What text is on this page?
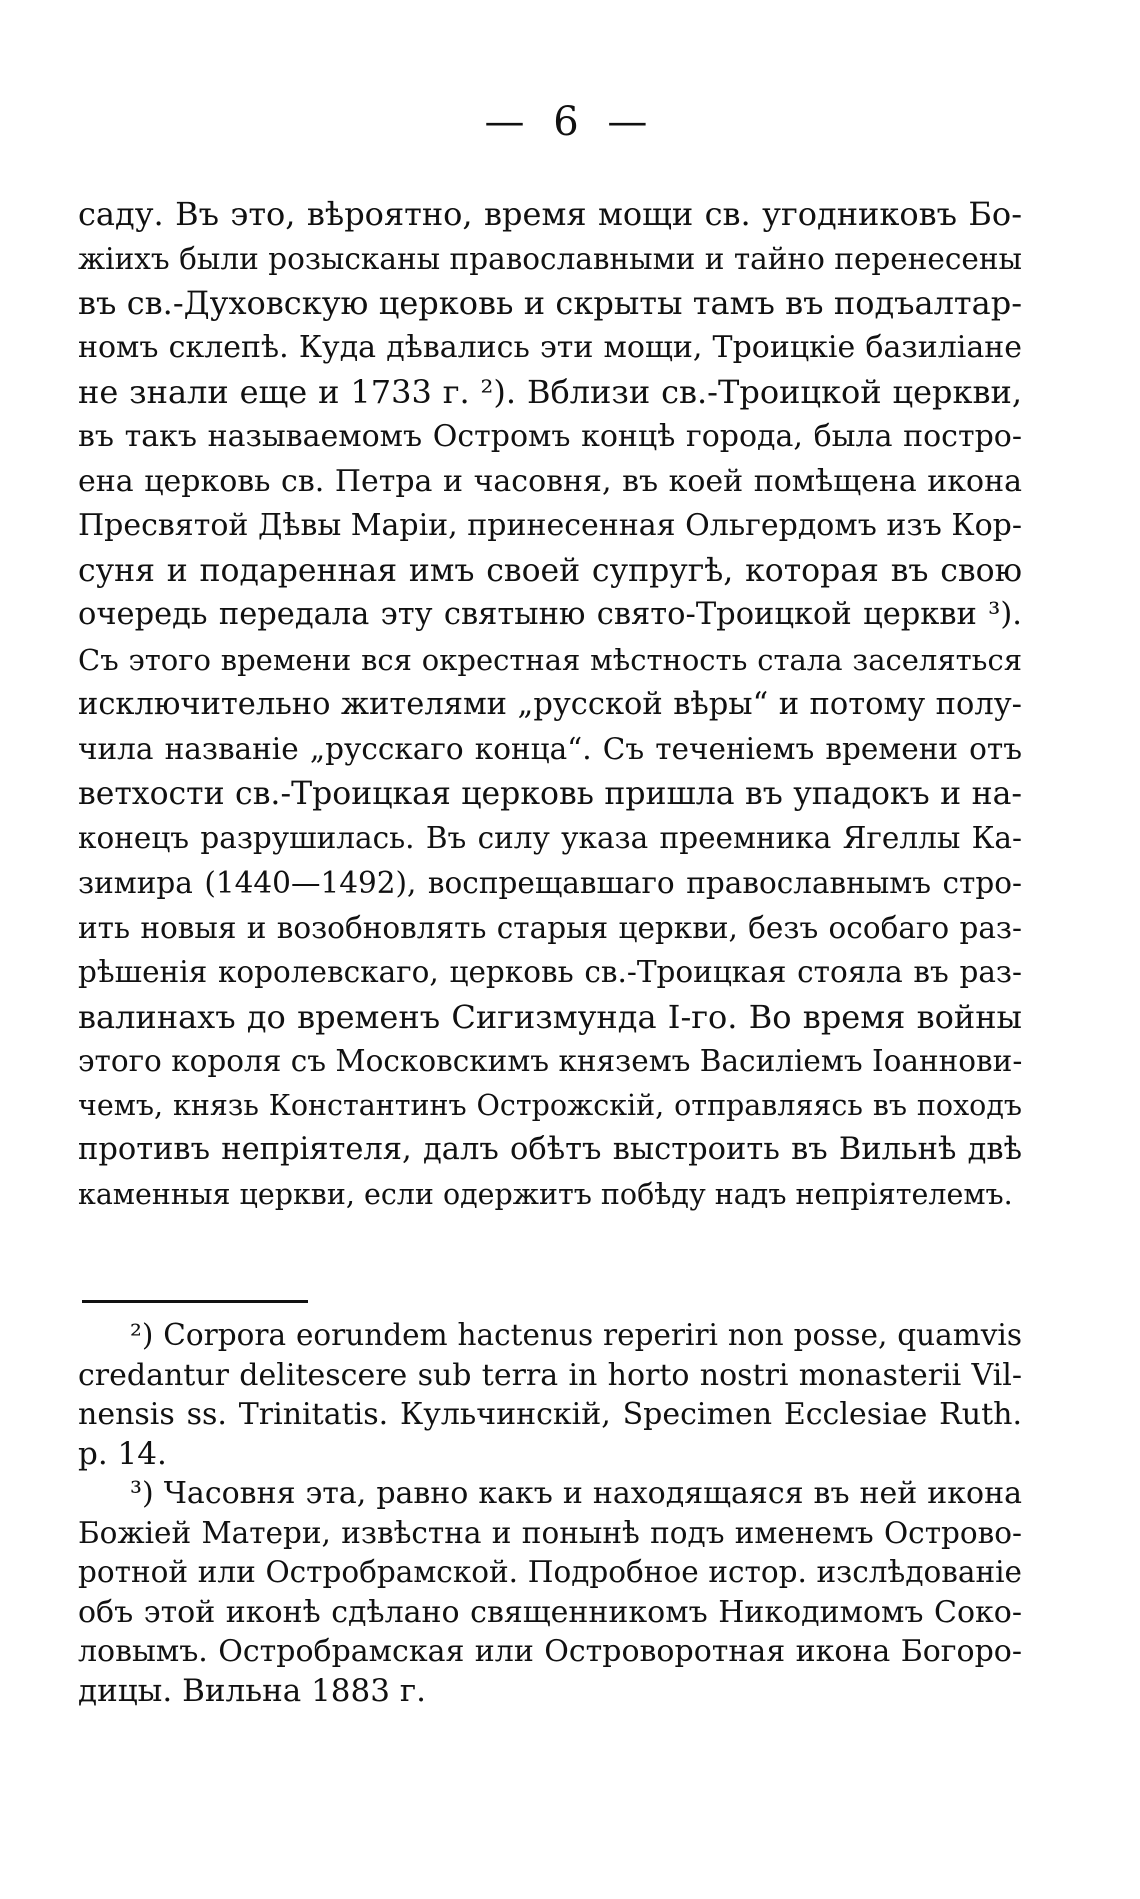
— 6 —
саду. Въ это, вѣроятно, время мощи св. угодниковъ Бо-
жіихъ были розысканы православными и тайно перенесены
въ св.-Духовскую церковь и скрыты тамъ въ подъалтар-
номъ склепѣ. Куда дѣвались эти мощи, Троицкіе базиліане
не знали еще и 1733 г. ²). Вблизи св.-Троицкой церкви,
въ такъ называемомъ Остромъ концѣ города, была постро-
ена церковь св. Петра и часовня, въ коей помѣщена икона
Пресвятой Дѣвы Маріи, принесенная Ольгердомъ изъ Кор-
суня и подаренная имъ своей супругѣ, которая въ свою
очередь передала эту святыню свято-Троицкой церкви ³).
Съ этого времени вся окрестная мѣстность стала заселяться
исключительно жителями „русской вѣры“ и потому полу-
чила названіе „русскаго конца“. Съ теченіемъ времени отъ
ветхости св.-Троицкая церковь пришла въ упадокъ и на-
конецъ разрушилась. Въ силу указа преемника Ягеллы Ка-
зимира (1440—1492), воспрещавшаго православнымъ стро-
ить новыя и возобновлять старыя церкви, безъ особаго раз-
рѣшенія королевскаго, церковь св.-Троицкая стояла въ раз-
валинахъ до временъ Сигизмунда I-го. Во время войны
этого короля съ Московскимъ княземъ Василіемъ Іоаннови-
чемъ, князь Константинъ Острожскій, отправляясь въ походъ
противъ непріятеля, далъ обѣтъ выстроить въ Вильнѣ двѣ
каменныя церкви, если одержитъ побѣду надъ непріятелемъ.
²) Corpora eorundem hactenus reperiri non posse, quamvis
credantur delitescere sub terra in horto nostri monasterii Vil-
nensis ss. Trinitatis. Кульчинскій, Specimen Ecclesiae Ruth.
p. 14.
³) Часовня эта, равно какъ и находящаяся въ ней икона
Божіей Матери, извѣстна и понынѣ подъ именемъ Острово-
ротной или Остробрамской. Подробное истор. изслѣдованіе
объ этой иконѣ сдѣлано священникомъ Никодимомъ Соко-
ловымъ. Остробрамская или Островоротная икона Богоро-
дицы. Вильна 1883 г.
